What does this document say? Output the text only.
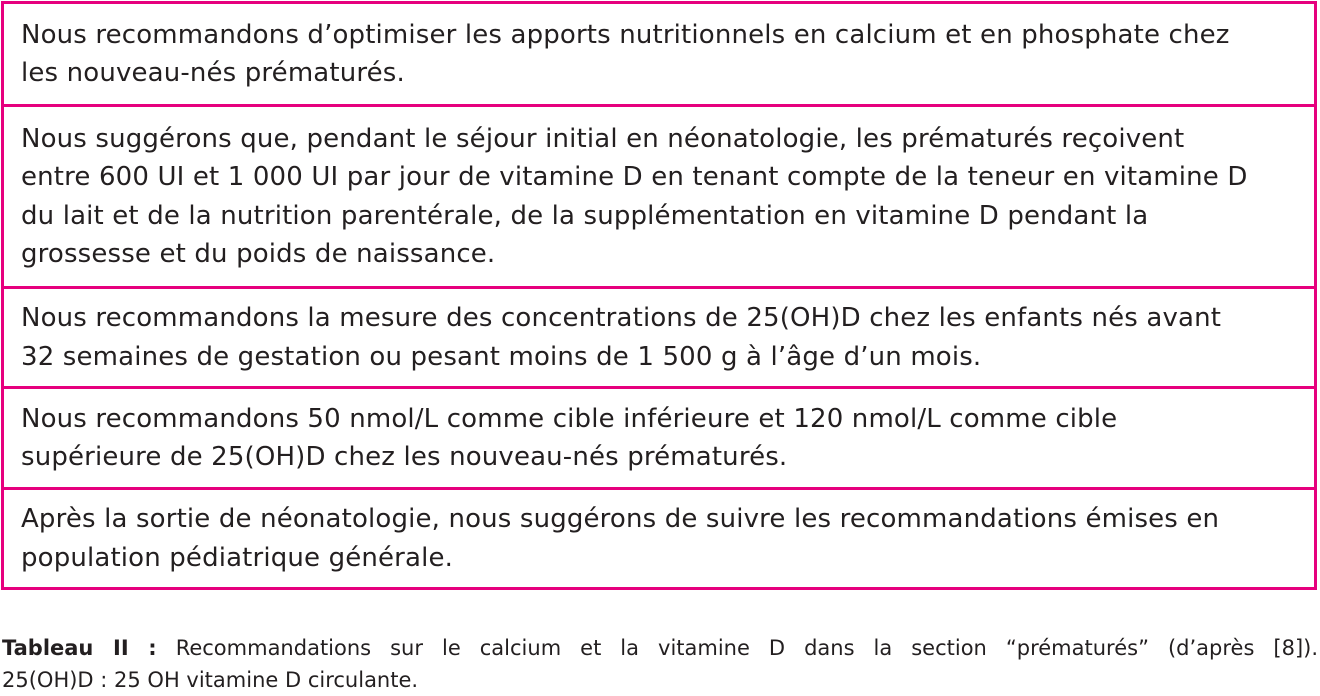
Nous recommandons d’optimiser les apports nutritionnels en calcium et en phosphate chez
les nouveau-nés prématurés.
Nous suggérons que, pendant le séjour initial en néonatologie, les prématurés reçoivent
entre 600 UI et 1 000 UI par jour de vitamine D en tenant compte de la teneur en vitamine D
du lait et de la nutrition parentérale, de la supplémentation en vitamine D pendant la
grossesse et du poids de naissance.
Nous recommandons la mesure des concentrations de 25(OH)D chez les enfants nés avant
32 semaines de gestation ou pesant moins de 1 500 g à l’âge d’un mois.
Nous recommandons 50 nmol/L comme cible inférieure et 120 nmol/L comme cible
supérieure de 25(OH)D chez les nouveau-nés prématurés.
Après la sortie de néonatologie, nous suggérons de suivre les recommandations émises en
population pédiatrique générale.
Tableau II : Recommandations sur le calcium et la vitamine D dans la section “prématurés” (d’après [8]).
25(OH)D : 25 OH vitamine D circulante.
